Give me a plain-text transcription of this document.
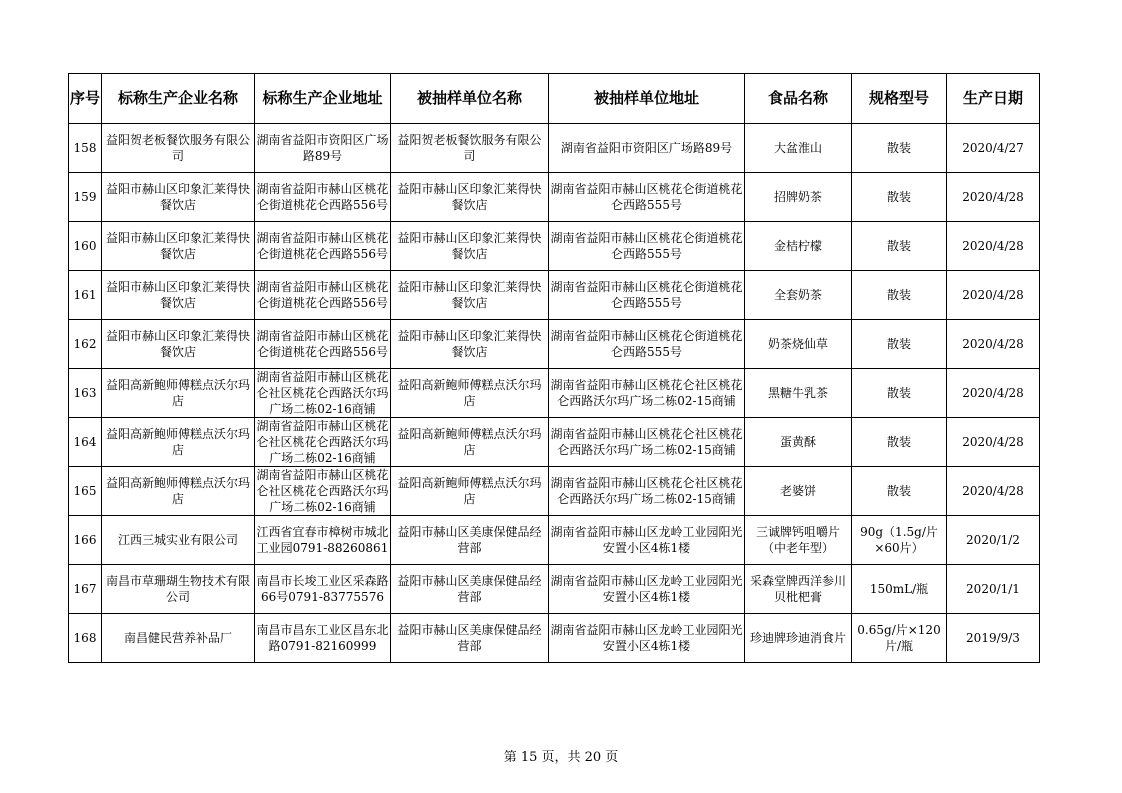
序号	标称生产企业名称	标称生产企业地址	被抽样单位名称	被抽样单位地址	食品名称	规格型号	生产日期

158	益阳贺老板餐饮服务有限公司	湖南省益阳市资阳区广场路89号	益阳贺老板餐饮服务有限公司	湖南省益阳市资阳区广场路89号	大盆淮山	散装	2020/4/27

159	益阳市赫山区印象汇莱得快餐饮店	湖南省益阳市赫山区桃花仑街道桃花仑西路556号	益阳市赫山区印象汇莱得快餐饮店	湖南省益阳市赫山区桃花仑街道桃花仑西路555号	招牌奶茶	散装	2020/4/28

160	益阳市赫山区印象汇莱得快餐饮店	湖南省益阳市赫山区桃花仑街道桃花仑西路556号	益阳市赫山区印象汇莱得快餐饮店	湖南省益阳市赫山区桃花仑街道桃花仑西路555号	金桔柠檬	散装	2020/4/28

161	益阳市赫山区印象汇莱得快餐饮店	湖南省益阳市赫山区桃花仑街道桃花仑西路556号	益阳市赫山区印象汇莱得快餐饮店	湖南省益阳市赫山区桃花仑街道桃花仑西路555号	全套奶茶	散装	2020/4/28

162	益阳市赫山区印象汇莱得快餐饮店	湖南省益阳市赫山区桃花仑街道桃花仑西路556号	益阳市赫山区印象汇莱得快餐饮店	湖南省益阳市赫山区桃花仑街道桃花仑西路555号	奶茶烧仙草	散装	2020/4/28

163	益阳高新鲍师傅糕点沃尔玛店	湖南省益阳市赫山区桃花仑社区桃花仑西路沃尔玛广场二栋02-16商铺	益阳高新鲍师傅糕点沃尔玛店	湖南省益阳市赫山区桃花仑社区桃花仑西路沃尔玛广场二栋02-15商铺	黑糖牛乳茶	散装	2020/4/28

164	益阳高新鲍师傅糕点沃尔玛店	湖南省益阳市赫山区桃花仑社区桃花仑西路沃尔玛广场二栋02-16商铺	益阳高新鲍师傅糕点沃尔玛店	湖南省益阳市赫山区桃花仑社区桃花仑西路沃尔玛广场二栋02-15商铺	蛋黄酥	散装	2020/4/28

165	益阳高新鲍师傅糕点沃尔玛店	湖南省益阳市赫山区桃花仑社区桃花仑西路沃尔玛广场二栋02-16商铺	益阳高新鲍师傅糕点沃尔玛店	湖南省益阳市赫山区桃花仑社区桃花仑西路沃尔玛广场二栋02-15商铺	老婆饼	散装	2020/4/28

166	江西三城实业有限公司	江西省宜春市樟树市城北工业园0791-88260861	益阳市赫山区美康保健品经营部	湖南省益阳市赫山区龙岭工业园阳光安置小区4栋1楼	三诚牌钙咀嚼片（中老年型）	90g（1.5g/片×60片）	2020/1/2

167	南昌市草珊瑚生物技术有限公司	南昌市长埈工业区采森路66号0791-83775576	益阳市赫山区美康保健品经营部	湖南省益阳市赫山区龙岭工业园阳光安置小区4栋1楼	采森堂牌西洋参川贝枇杷膏	150mL/瓶	2020/1/1

168	南昌健民营养补品厂	南昌市昌东工业区昌东北路0791-82160999	益阳市赫山区美康保健品经营部	湖南省益阳市赫山区龙岭工业园阳光安置小区4栋1楼	珍迪牌珍迪消食片	0.65g/片×120片/瓶	2019/9/3
第 15 页，共 20 页
